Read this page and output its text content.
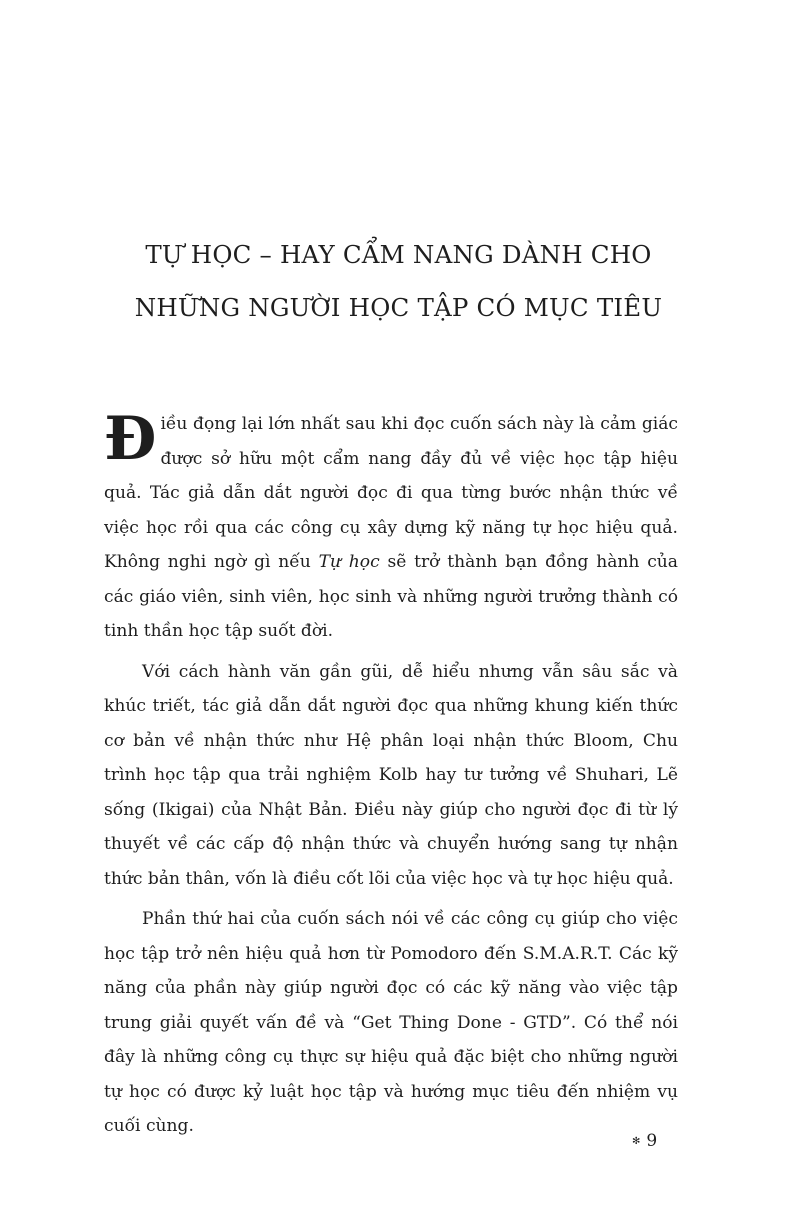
TỰ HỌC – HAY CẨM NANG DÀNH CHO
NHỮNG NGƯỜI HỌC TẬP CÓ MỤC TIÊU

Điều đọng lại lớn nhất sau khi đọc cuốn sách này là cảm giác được sở hữu một cẩm nang đầy đủ về việc học tập hiệu quả. Tác giả dẫn dắt người đọc đi qua từng bước nhận thức về việc học rồi qua các công cụ xây dựng kỹ năng tự học hiệu quả. Không nghi ngờ gì nếu Tự học sẽ trở thành bạn đồng hành của các giáo viên, sinh viên, học sinh và những người trưởng thành có tinh thần học tập suốt đời.

Với cách hành văn gần gũi, dễ hiểu nhưng vẫn sâu sắc và khúc triết, tác giả dẫn dắt người đọc qua những khung kiến thức cơ bản về nhận thức như Hệ phân loại nhận thức Bloom, Chu trình học tập qua trải nghiệm Kolb hay tư tưởng về Shuhari, Lẽ sống (Ikigai) của Nhật Bản. Điều này giúp cho người đọc đi từ lý thuyết về các cấp độ nhận thức và chuyển hướng sang tự nhận thức bản thân, vốn là điều cốt lõi của việc học và tự học hiệu quả.

Phần thứ hai của cuốn sách nói về các công cụ giúp cho việc học tập trở nên hiệu quả hơn từ Pomodoro đến S.M.A.R.T. Các kỹ năng của phần này giúp người đọc có các kỹ năng vào việc tập trung giải quyết vấn đề và “Get Thing Done - GTD”. Có thể nói đây là những công cụ thực sự hiệu quả đặc biệt cho những người tự học có được kỷ luật học tập và hướng mục tiêu đến nhiệm vụ cuối cùng.

✻ 9
